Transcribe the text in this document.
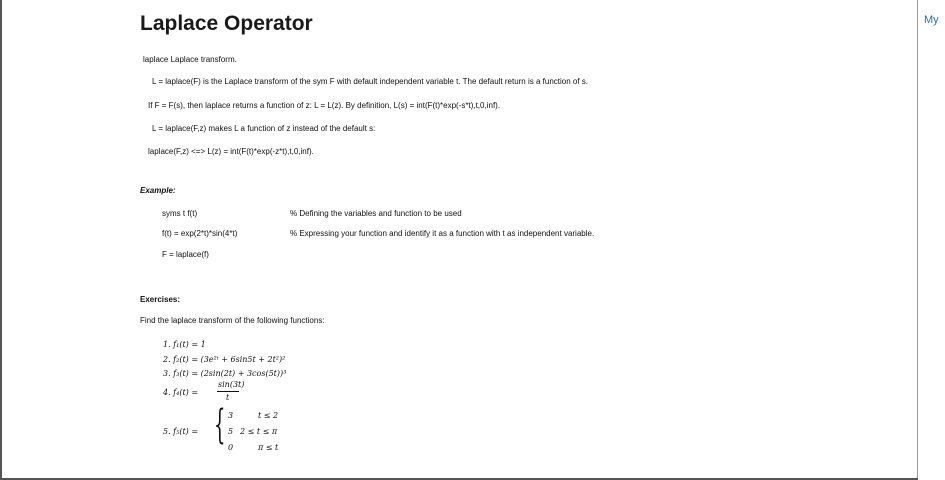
My
Laplace Operator
laplace Laplace transform.
L = laplace(F) is the Laplace transform of the sym F with default independent variable t. The default return is a function of s.
If F = F(s), then laplace returns a function of z: L = L(z). By definition, L(s) = int(F(t)*exp(-s*t),t,0,inf).
L = laplace(F,z) makes L a function of z instead of the default s:
laplace(F,z) <=> L(z) = int(F(t)*exp(-z*t),t,0,inf).
Example:
syms t f(t)	% Defining the variables and function to be used
f(t) = exp(2*t)*sin(4*t)	% Expressing your function and identify it as a function with t as independent variable.
F = laplace(f)
Exercises:
Find the laplace transform of the following functions:
1. f₁(t) = 1
2. f₂(t) = (3e²ᵗ + 6sin5t + 2t²)²
3. f₃(t) = (2sin(2t) + 3cos(5t))³
4. f₄(t) =
sin(3t)
t
5. f₅(t) = { 3	t ≤ 2
5 2 ≤ t ≤ π
0	π ≤ t
